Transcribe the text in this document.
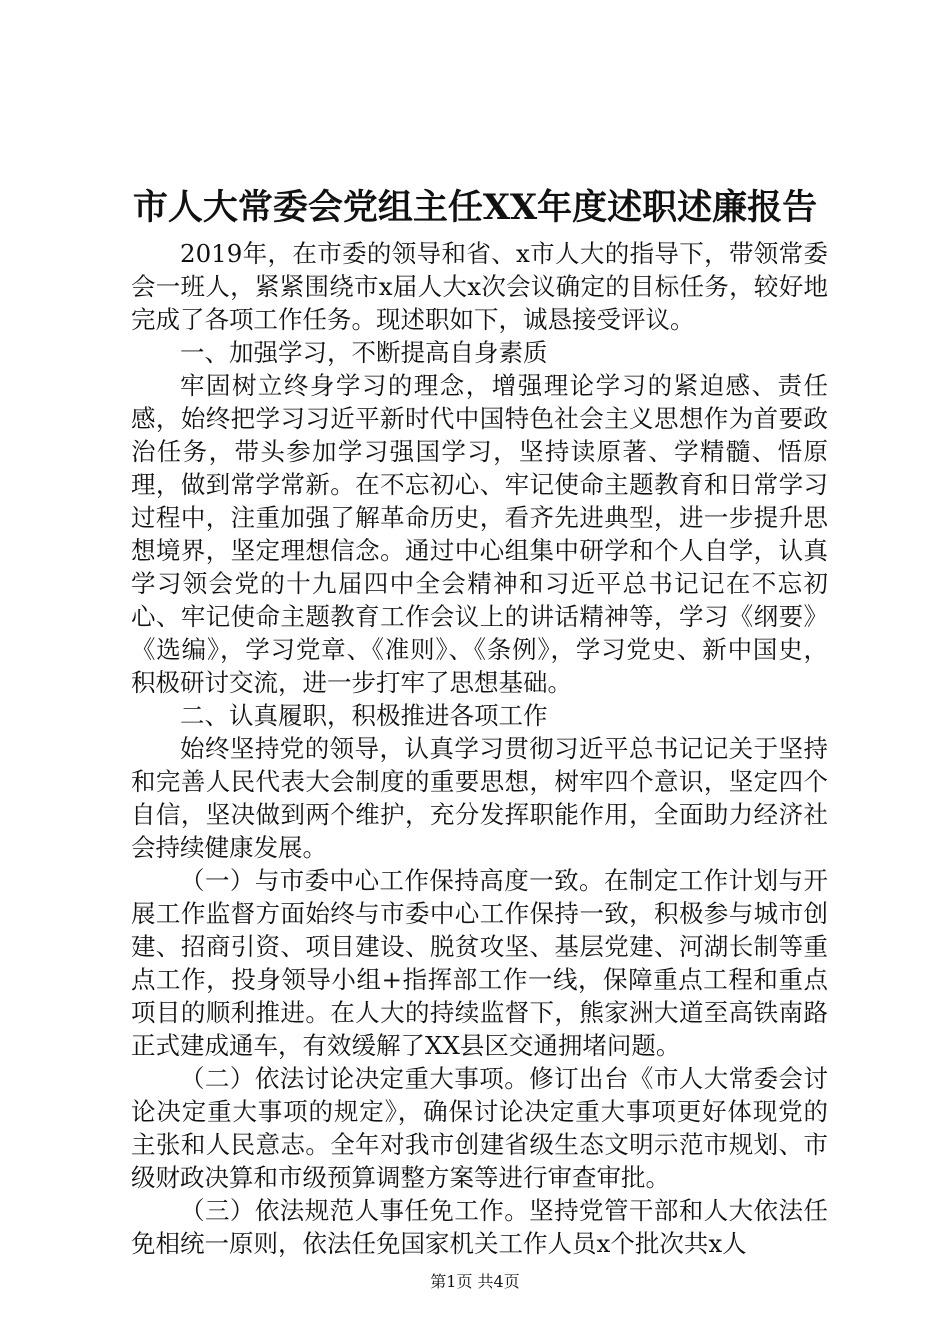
市人大常委会党组主任XX年度述职述廉报告

2019年，在市委的领导和省、x市人大的指导下，带领常委会一班人，紧紧围绕市x届人大x次会议确定的目标任务，较好地完成了各项工作任务。现述职如下，诚恳接受评议。

一、加强学习，不断提高自身素质

牢固树立终身学习的理念，增强理论学习的紧迫感、责任感，始终把学习习近平新时代中国特色社会主义思想作为首要政治任务，带头参加学习强国学习，坚持读原著、学精髓、悟原理，做到常学常新。在不忘初心、牢记使命主题教育和日常学习过程中，注重加强了解革命历史，看齐先进典型，进一步提升思想境界，坚定理想信念。通过中心组集中研学和个人自学，认真学习领会党的十九届四中全会精神和习近平总书记记在不忘初心、牢记使命主题教育工作会议上的讲话精神等，学习《纲要》《选编》，学习党章、《准则》、《条例》，学习党史、新中国史，积极研讨交流，进一步打牢了思想基础。

二、认真履职，积极推进各项工作

始终坚持党的领导，认真学习贯彻习近平总书记记关于坚持和完善人民代表大会制度的重要思想，树牢四个意识，坚定四个自信，坚决做到两个维护，充分发挥职能作用，全面助力经济社会持续健康发展。

（一）与市委中心工作保持高度一致。在制定工作计划与开展工作监督方面始终与市委中心工作保持一致，积极参与城市创建、招商引资、项目建设、脱贫攻坚、基层党建、河湖长制等重点工作，投身领导小组+指挥部工作一线，保障重点工程和重点项目的顺利推进。在人大的持续监督下，熊家洲大道至高铁南路正式建成通车，有效缓解了XX县区交通拥堵问题。

（二）依法讨论决定重大事项。修订出台《市人大常委会讨论决定重大事项的规定》，确保讨论决定重大事项更好体现党的主张和人民意志。全年对我市创建省级生态文明示范市规划、市级财政决算和市级预算调整方案等进行审查审批。

（三）依法规范人事任免工作。坚持党管干部和人大依法任免相统一原则，依法任免国家机关工作人员x个批次共x人

第1页 共4页
